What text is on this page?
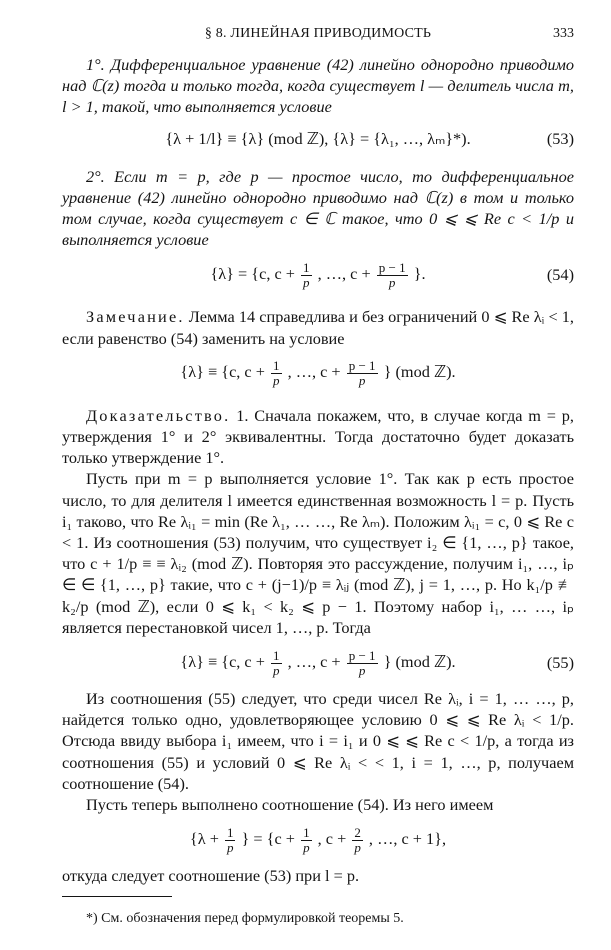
§ 8. ЛИНЕЙНАЯ ПРИВОДИМОСТЬ	333

1°. Дифференциальное уравнение (42) линейно однородно приводимо над ℂ(z) тогда и только тогда, когда существует l — делитель числа m, l > 1, такой, что выполняется условие

{λ + 1/l} ≡ {λ} (mod ℤ), {λ} = {λ₁, …, λₘ}*).	(53)

2°. Если m = p, где p — простое число, то дифференциальное уравнение (42) линейно однородно приводимо над ℂ(z) в том и только том случае, когда существует c ∈ ℂ такое, что 0 ⩽ ⩽ Re c < 1/p и выполняется условие

{λ} = {c, $c + \frac{1}{p}$ , …, $c + \frac{p - 1}{p}$ }.	(54)

Замечание. Лемма 14 справедлива и без ограничений 0 ⩽ Re λᵢ < 1, если равенство (54) заменить на условие

{λ} ≡ {c, $c + \frac{1}{p}$ , …, $c + \frac{p - 1}{p}$ } (mod ℤ).

Доказательство. 1. Сначала покажем, что, в случае когда m = p, утверждения 1° и 2° эквивалентны. Тогда достаточно будет доказать только утверждение 1°.

Пусть при m = p выполняется условие 1°. Так как p есть простое число, то для делителя l имеется единственная возможность l = p. Пусть i₁ таково, что Re λᵢ₁ = min (Re λ₁, … …, Re λₘ). Положим λᵢ₁ = c, 0 ⩽ Re c < 1. Из соотношения (53) получим, что существует i₂ ∈ {1, …, p} такое, что c + 1/p ≡ ≡ λᵢ₂ (mod ℤ). Повторяя это рассуждение, получим i₁, …, iₚ ∈ ∈ {1, …, p} такие, что c + (j−1)/p ≡ λᵢⱼ (mod ℤ), j = 1, …, p. Но k₁/p ≢ k₂/p (mod ℤ), если 0 ⩽ k₁ < k₂ ⩽ p − 1. Поэтому набор i₁, … …, iₚ является перестановкой чисел 1, …, p. Тогда

{λ} ≡ {c, $c + \frac{1}{p}$ , …, $c + \frac{p - 1}{p}$ } (mod ℤ).	(55)

Из соотношения (55) следует, что среди чисел Re λᵢ, i = 1, … …, p, найдется только одно, удовлетворяющее условию 0 ⩽ ⩽ Re λᵢ < 1/p. Отсюда ввиду выбора i₁ имеем, что i = i₁ и 0 ⩽ ⩽ Re c < 1/p, а тогда из соотношения (55) и условий 0 ⩽ Re λᵢ < < 1, i = 1, …, p, получаем соотношение (54).

Пусть теперь выполнено соотношение (54). Из него имеем

{$\lambda + \frac{1}{p}$ } = {$c + \frac{1}{p}$ , $c + \frac{2}{p}$ , …, c + 1},

откуда следует соотношение (53) при l = p.

*) См. обозначения перед формулировкой теоремы 5.
